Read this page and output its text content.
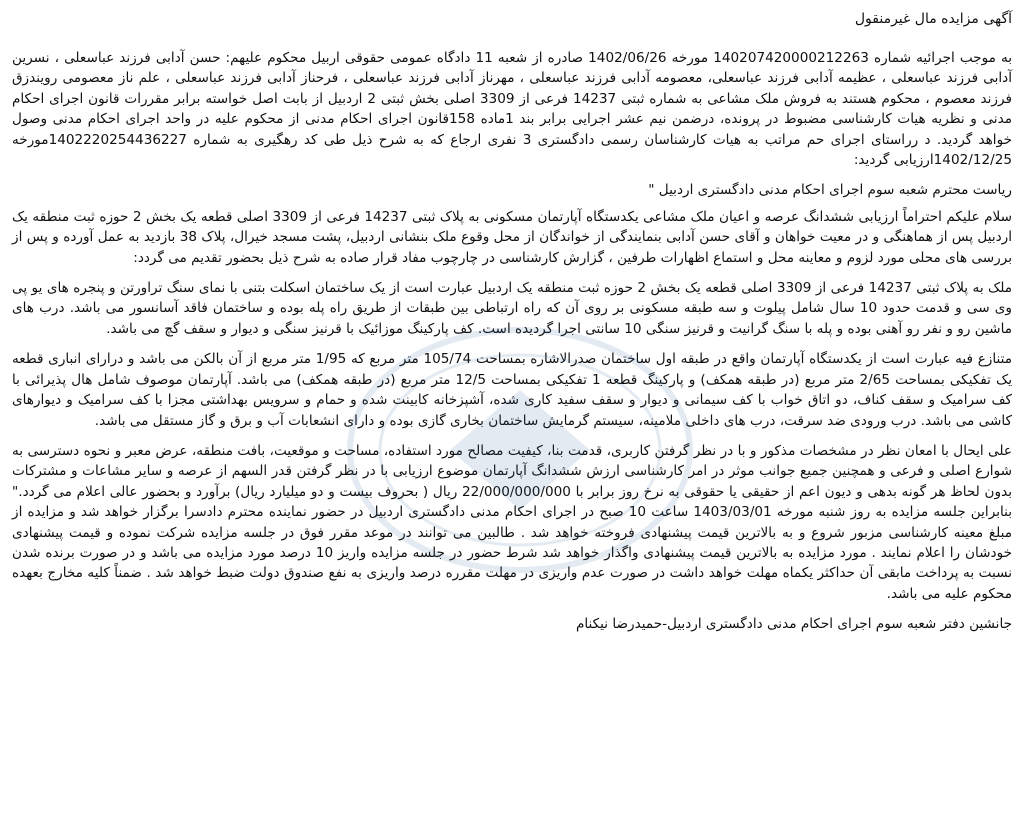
آگهی مزایده مال غیرمنقول

به موجب اجرائیه شماره 140207420000212263 مورخه 1402/06/26 صادره از شعبه 11 دادگاه عمومی حقوقی اربیل محکوم علیهم: حسن آدابی فرزند عباسعلی ، نسرین آدابی فرزند عباسعلی ، عظیمه آدابی فرزند عباسعلی، معصومه آدابی فرزند عباسعلی ، مهرناز آدابی فرزند عباسعلی ، فرحناز آدابی فرزند عباسعلی ، علم ناز معصومی رویندزق فرزند معصوم ، محکوم هستند به فروش ملک مشاعی به شماره ثبتی 14237 فرعی از 3309 اصلی بخش ثبتی 2 اردبیل از بابت اصل خواسته برابر مقررات قانون اجرای احکام مدنی و نظریه هیات کارشناسی مضبوط در پرونده، درضمن نیم عشر اجرایی برابر بند 1ماده 158قانون اجرای احکام مدنی از محکوم علیه در واحد اجرای احکام مدنی وصول خواهد گردید. د رراستای اجرای حم مراتب به هیات کارشناسان رسمی دادگستری 3 نفری ارجاع که به شرح ذیل طی کد رهگیری به شماره 1402220254436227مورخه 1402/12/25ارزیابی گردید:

ریاست محترم شعبه سوم اجرای احکام مدنی دادگستری اردبیل "

سلام علیکم احتراماً ارزیابی ششدانگ عرصه و اعیان ملک مشاعی یکدستگاه آپارتمان مسکونی به پلاک ثبتی 14237 فرعی از 3309 اصلی قطعه یک بخش 2 حوزه ثبت منطقه یک اردبیل پس از هماهنگی و در معیت خواهان و آقای حسن آدابی بنمایندگی از خواندگان از محل وقوع ملک بنشانی اردبیل، پشت مسجد خیرال، پلاک 38 بازدید به عمل آورده و پس از بررسی های محلی مورد لزوم و معاینه محل و استماع اظهارات طرفین ، گزارش کارشناسی در چارچوب مفاد قرار صاده به شرح ذیل بحضور تقدیم می گردد:

ملک به پلاک ثبتی 14237 فرعی از 3309 اصلی قطعه یک بخش 2 حوزه ثبت منطقه یک اردبیل عبارت است از یک ساختمان اسکلت بتنی با نمای سنگ تراورتن و پنجره های یو پی وی سی و قدمت حدود 10 سال شامل پیلوت و سه طبقه مسکونی بر روی آن که راه ارتباطی بین طبقات از طریق راه پله بوده و ساختمان فاقد آسانسور می باشد. درب های ماشین رو و نفر رو آهنی بوده و پله با سنگ گرانیت و قرنیز سنگی 10 سانتی اجرا گردیده است. کف پارکینگ موزائیک با قرنیز سنگی و دیوار و سقف گچ می باشد.

متنازع فیه عبارت است از یکدستگاه آپارتمان واقع در طبقه اول ساختمان صدرالاشاره بمساحت 105/74 متر مربع که 1/95 متر مربع از آن بالکن می باشد و درارای انباری قطعه یک تفکیکی بمساحت 2/65 متر مربع (در طبقه همکف) و پارکینگ قطعه 1 تفکیکی بمساحت 12/5 متر مربع (در طبقه همکف) می باشد. آپارتمان موصوف شامل هال پذیرائی با کف سرامیک و سقف کناف، دو اتاق خواب با کف سیمانی و دیوار و سقف سفید کاری شده، آشپزخانه کابینت شده و حمام و سرویس بهداشتی مجزا با کف سرامیک و دیوارهای کاشی می باشد. درب ورودی ضد سرقت، درب های داخلی ملامینه، سیستم گرمایش ساختمان بخاری گازی بوده و دارای انشعابات آب و برق و گاز مستقل می باشد.

علی ایحال با امعان نظر در مشخصات مذکور و با در نظر گرفتن کاربری، قدمت بنا، کیفیت مصالح مورد استفاده، مساحت و موقعیت، بافت منطقه، عرض معبر و نحوه دسترسی به شوارع اصلی و فرعی و همچنین جمیع جوانب موثر در امر کارشناسی ارزش ششدانگ آپارتمان موضوع ارزیابی با در نظر گرفتن قدر السهم از عرصه و سایر مشاعات و مشترکات بدون لحاظ هر گونه بدهی و دیون اعم از حقیقی یا حقوقی به نرخ روز برابر با 22/000/000/000 ریال ( بحروف بیست و دو میلیارد ریال) برآورد و بحضور عالی اعلام می گردد." بنابراین جلسه مزایده به روز شنبه مورخه 1403/03/01 ساعت 10 صبح در اجرای احکام مدنی دادگستری اردبیل در حضور نماینده محترم دادسرا برگزار خواهد شد و مزایده از مبلغ معینه کارشناسی مزبور شروع و به بالاترین قیمت پیشنهادی فروخته خواهد شد . طالبین می توانند در موعد مقرر فوق در جلسه مزایده شرکت نموده و قیمت پیشنهادی خودشان را اعلام نمایند . مورد مزایده به بالاترین قیمت پیشنهادی واگذار خواهد شد شرط حضور در جلسه مزایده واریز 10 درصد مورد مزایده می باشد و در صورت برنده شدن نسبت به پرداخت مابقی آن حداکثر یکماه مهلت خواهد داشت در صورت عدم واریزی در مهلت مقرره درصد واریزی به نفع صندوق دولت ضبط خواهد شد . ضمناً کلیه مخارج بعهده محکوم علیه می باشد.

جانشین دفتر شعبه سوم اجرای احکام مدنی دادگستری اردبیل-حمیدرضا نیکنام
